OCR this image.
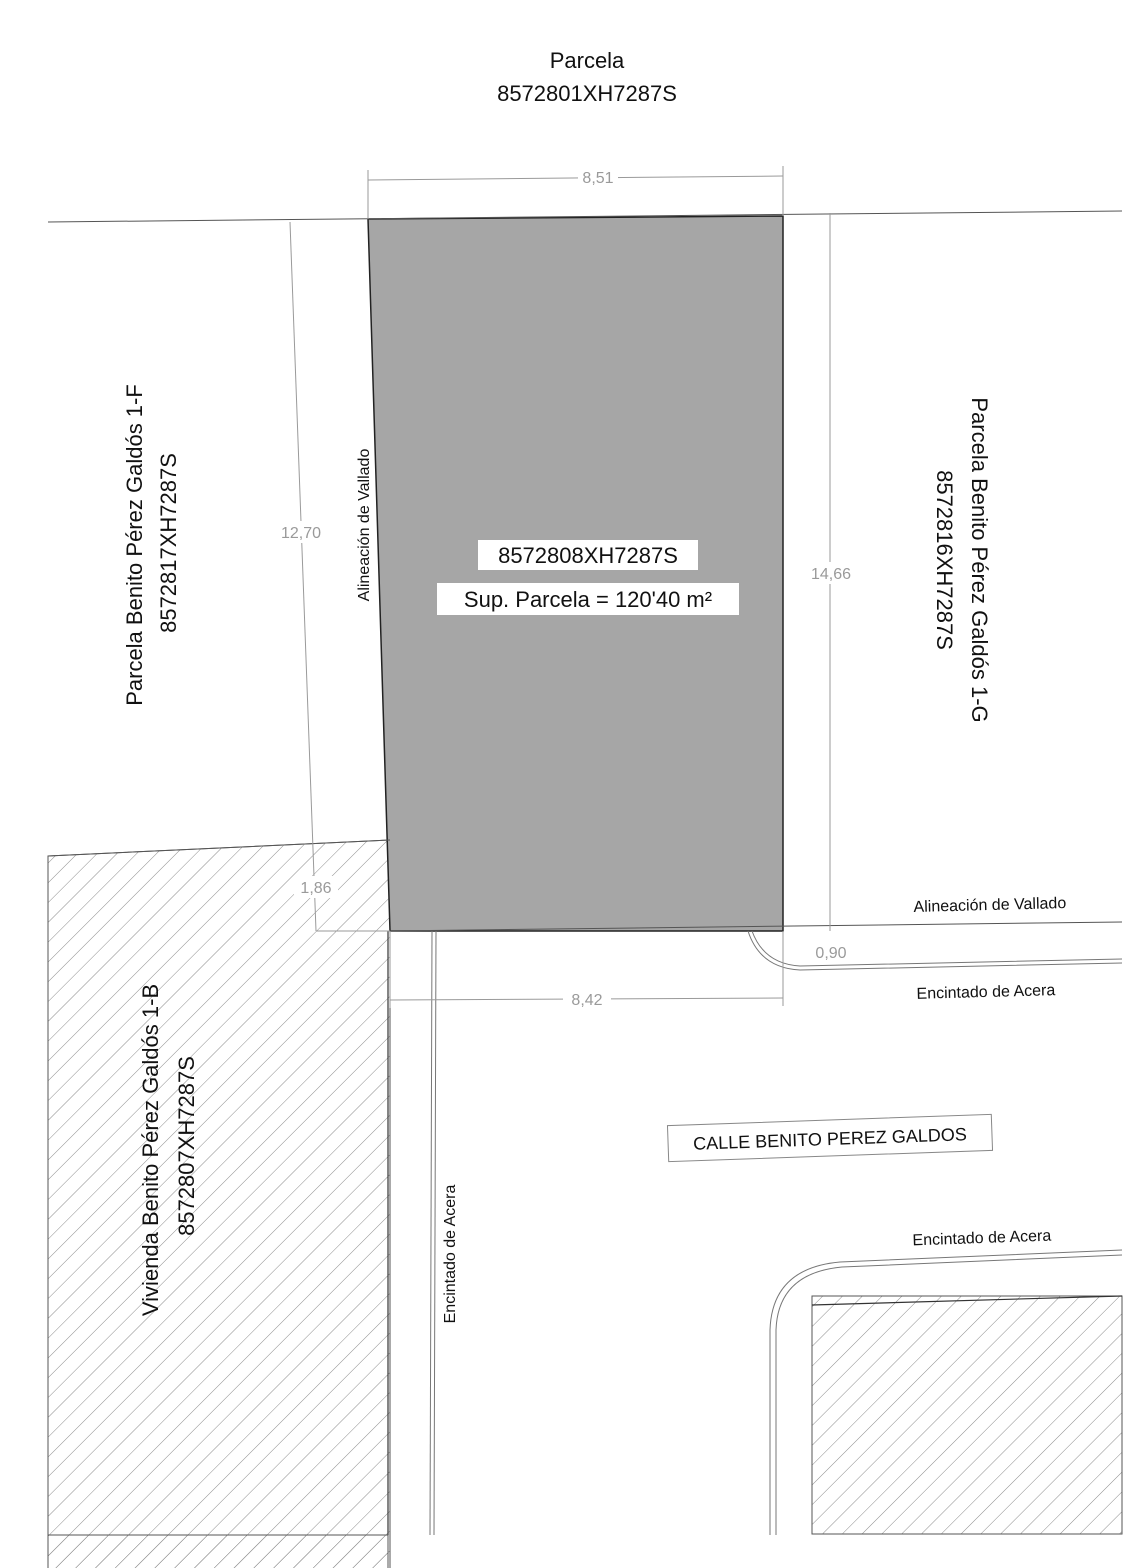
Parcela
8572801XH7287S
8,51
8,42
12,70
14,66
1,86
0,90
8572808XH7287S
Sup. Parcela = 120'40 m²
Parcela Benito Pérez Galdós 1-F 8572817XH7287S	Parcela Benito Pérez Galdós 1-G
8572816XH7287S
Vivienda Benito Pérez Galdós 1-B 8572807XH7287S
Alineación de Vallado
Alineación de Vallado
Encintado de Acera
Encintado de Acera	Encintado de Acera
CALLE BENITO PEREZ GALDOS
